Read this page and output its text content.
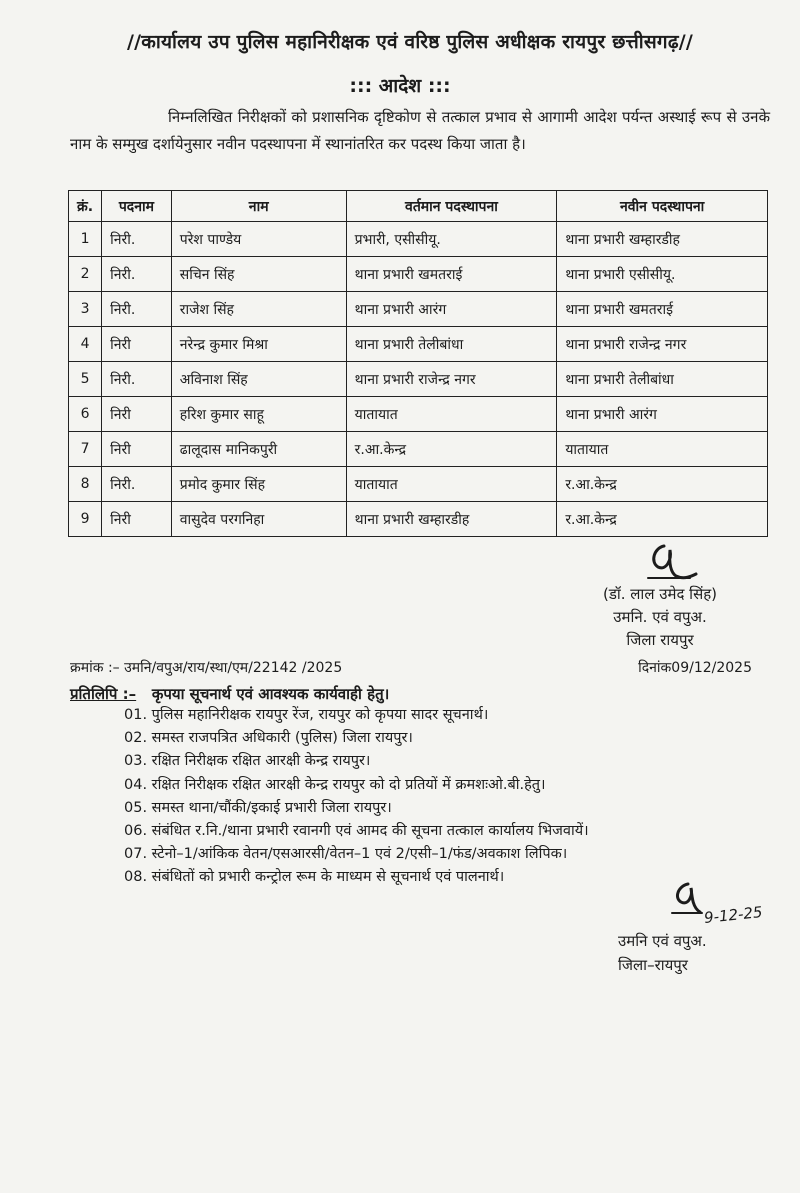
//कार्यालय उप पुलिस महानिरीक्षक एवं वरिष्ठ पुलिस अधीक्षक रायपुर छत्तीसगढ़//
::: आदेश :::
निम्नलिखित निरीक्षकों को प्रशासनिक दृष्टिकोण से तत्काल प्रभाव से आगामी आदेश पर्यन्त अस्थाई रूप से उनके नाम के सम्मुख दर्शायेनुसार नवीन पदस्थापना में स्थानांतरित कर पदस्थ किया जाता है।
क्रं.	पदनाम	नाम	वर्तमान पदस्थापना	नवीन पदस्थापना
1	निरी.	परेश पाण्डेय	प्रभारी, एसीसीयू.	थाना प्रभारी खम्हारडीह
2	निरी.	सचिन सिंह	थाना प्रभारी खमतराई	थाना प्रभारी एसीसीयू.
3	निरी.	राजेश सिंह	थाना प्रभारी आरंग	थाना प्रभारी खमतराई
4	निरी	नरेन्द्र कुमार मिश्रा	थाना प्रभारी तेलीबांधा	थाना प्रभारी राजेन्द्र नगर
5	निरी.	अविनाश सिंह	थाना प्रभारी राजेन्द्र नगर	थाना प्रभारी तेलीबांधा
6	निरी	हरिश कुमार साहू	यातायात	थाना प्रभारी आरंग
7	निरी	ढालूदास मानिकपुरी	र.आ.केन्द्र	यातायात
8	निरी.	प्रमोद कुमार सिंह	यातायात	र.आ.केन्द्र
9	निरी	वासुदेव परगनिहा	थाना प्रभारी खम्हारडीह	र.आ.केन्द्र
(डॉ. लाल उमेद सिंह)
उमनि. एवं वपुअ.
जिला रायपुर
क्रमांक :– उमनि/वपुअ/राय/स्था/एम/22142 /2025	दिनांक09/12/2025
प्रतिलिपि :– कृपया सूचनार्थ एवं आवश्यक कार्यवाही हेतु।
01. पुलिस महानिरीक्षक रायपुर रेंज, रायपुर को कृपया सादर सूचनार्थ।
02. समस्त राजपत्रित अधिकारी (पुलिस) जिला रायपुर।
03. रक्षित निरीक्षक रक्षित आरक्षी केन्द्र रायपुर।
04. रक्षित निरीक्षक रक्षित आरक्षी केन्द्र रायपुर को दो प्रतियों में क्रमशःओ.बी.हेतु।
05. समस्त थाना/चौंकी/इकाई प्रभारी जिला रायपुर।
06. संबंधित र.नि./थाना प्रभारी रवानगी एवं आमद की सूचना तत्काल कार्यालय भिजवायें।
07. स्टेनो–1/आंकिक वेतन/एसआरसी/वेतन–1 एवं 2/एसी–1/फंड/अवकाश लिपिक।
08. संबंधितों को प्रभारी कन्ट्रोल रूम के माध्यम से सूचनार्थ एवं पालनार्थ।
9-12-25
उमनि एवं वपुअ.
जिला–रायपुर
